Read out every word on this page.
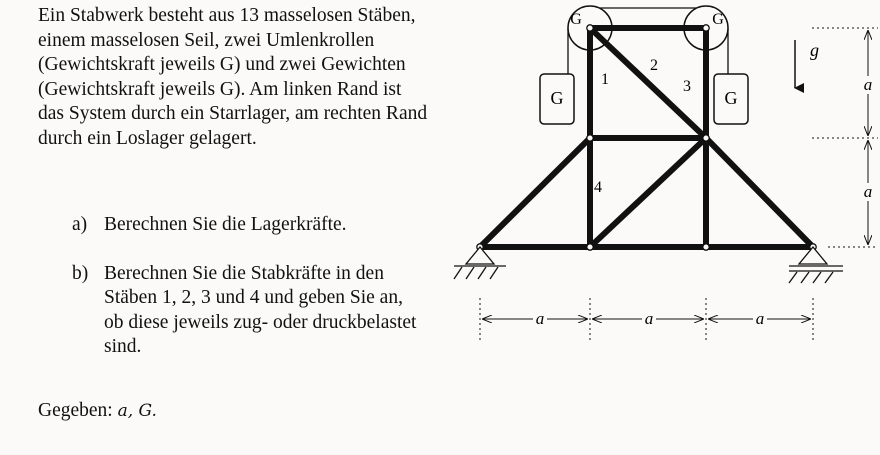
Ein Stabwerk besteht aus 13 masselosen Stäben, einem masselosen Seil, zwei Umlenkrollen (Gewichtskraft jeweils G) und zwei Gewichten (Gewichtskraft jeweils G). Am linken Rand ist das System durch ein Starrlager, am rechten Rand durch ein Loslager gelagert.

a) Berechnen Sie die Lagerkräfte.
b) Berechnen Sie die Stabkräfte in den Stäben 1, 2, 3 und 4 und geben Sie an, ob diese jeweils zug- oder druckbelastet sind.
Gegeben: a, G.
G	G
G	G
1
2
3
4
g
a
a
a	a	a
